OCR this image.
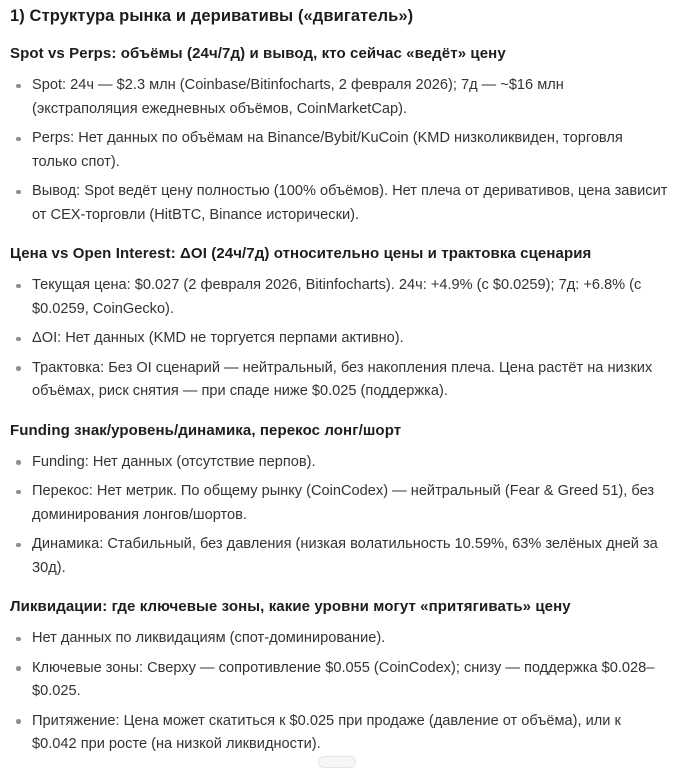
1) Структура рынка и деривативы («двигатель»)
Spot vs Perps: объёмы (24ч/7д) и вывод, кто сейчас «ведёт» цену
Spot: 24ч — $2.3 млн (Coinbase/Bitinfocharts, 2 февраля 2026); 7д — ~$16 млн (экстраполяция ежедневных объёмов, CoinMarketCap).
Perps: Нет данных по объёмам на Binance/Bybit/KuCoin (KMD низколиквиден, торговля только спот).
Вывод: Spot ведёт цену полностью (100% объёмов). Нет плеча от деривативов, цена зависит от CEX-торговли (HitBTC, Binance исторически).
Цена vs Open Interest: ΔOI (24ч/7д) относительно цены и трактовка сценария
Текущая цена: $0.027 (2 февраля 2026, Bitinfocharts). 24ч: +4.9% (с $0.0259); 7д: +6.8% (с $0.0259, CoinGecko).
ΔOI: Нет данных (KMD не торгуется перпами активно).
Трактовка: Без OI сценарий — нейтральный, без накопления плеча. Цена растёт на низких объёмах, риск снятия — при спаде ниже $0.025 (поддержка).
Funding знак/уровень/динамика, перекос лонг/шорт
Funding: Нет данных (отсутствие перпов).
Перекос: Нет метрик. По общему рынку (CoinCodex) — нейтральный (Fear & Greed 51), без доминирования лонгов/шортов.
Динамика: Стабильный, без давления (низкая волатильность 10.59%, 63% зелёных дней за 30д).
Ликвидации: где ключевые зоны, какие уровни могут «притягивать» цену
Нет данных по ликвидациям (спот-доминирование).
Ключевые зоны: Сверху — сопротивление $0.055 (CoinCodex); снизу — поддержка $0.028–$0.025.
Притяжение: Цена может скатиться к $0.025 при продаже (давление от объёма), или к $0.042 при росте (на низкой ликвидности).
